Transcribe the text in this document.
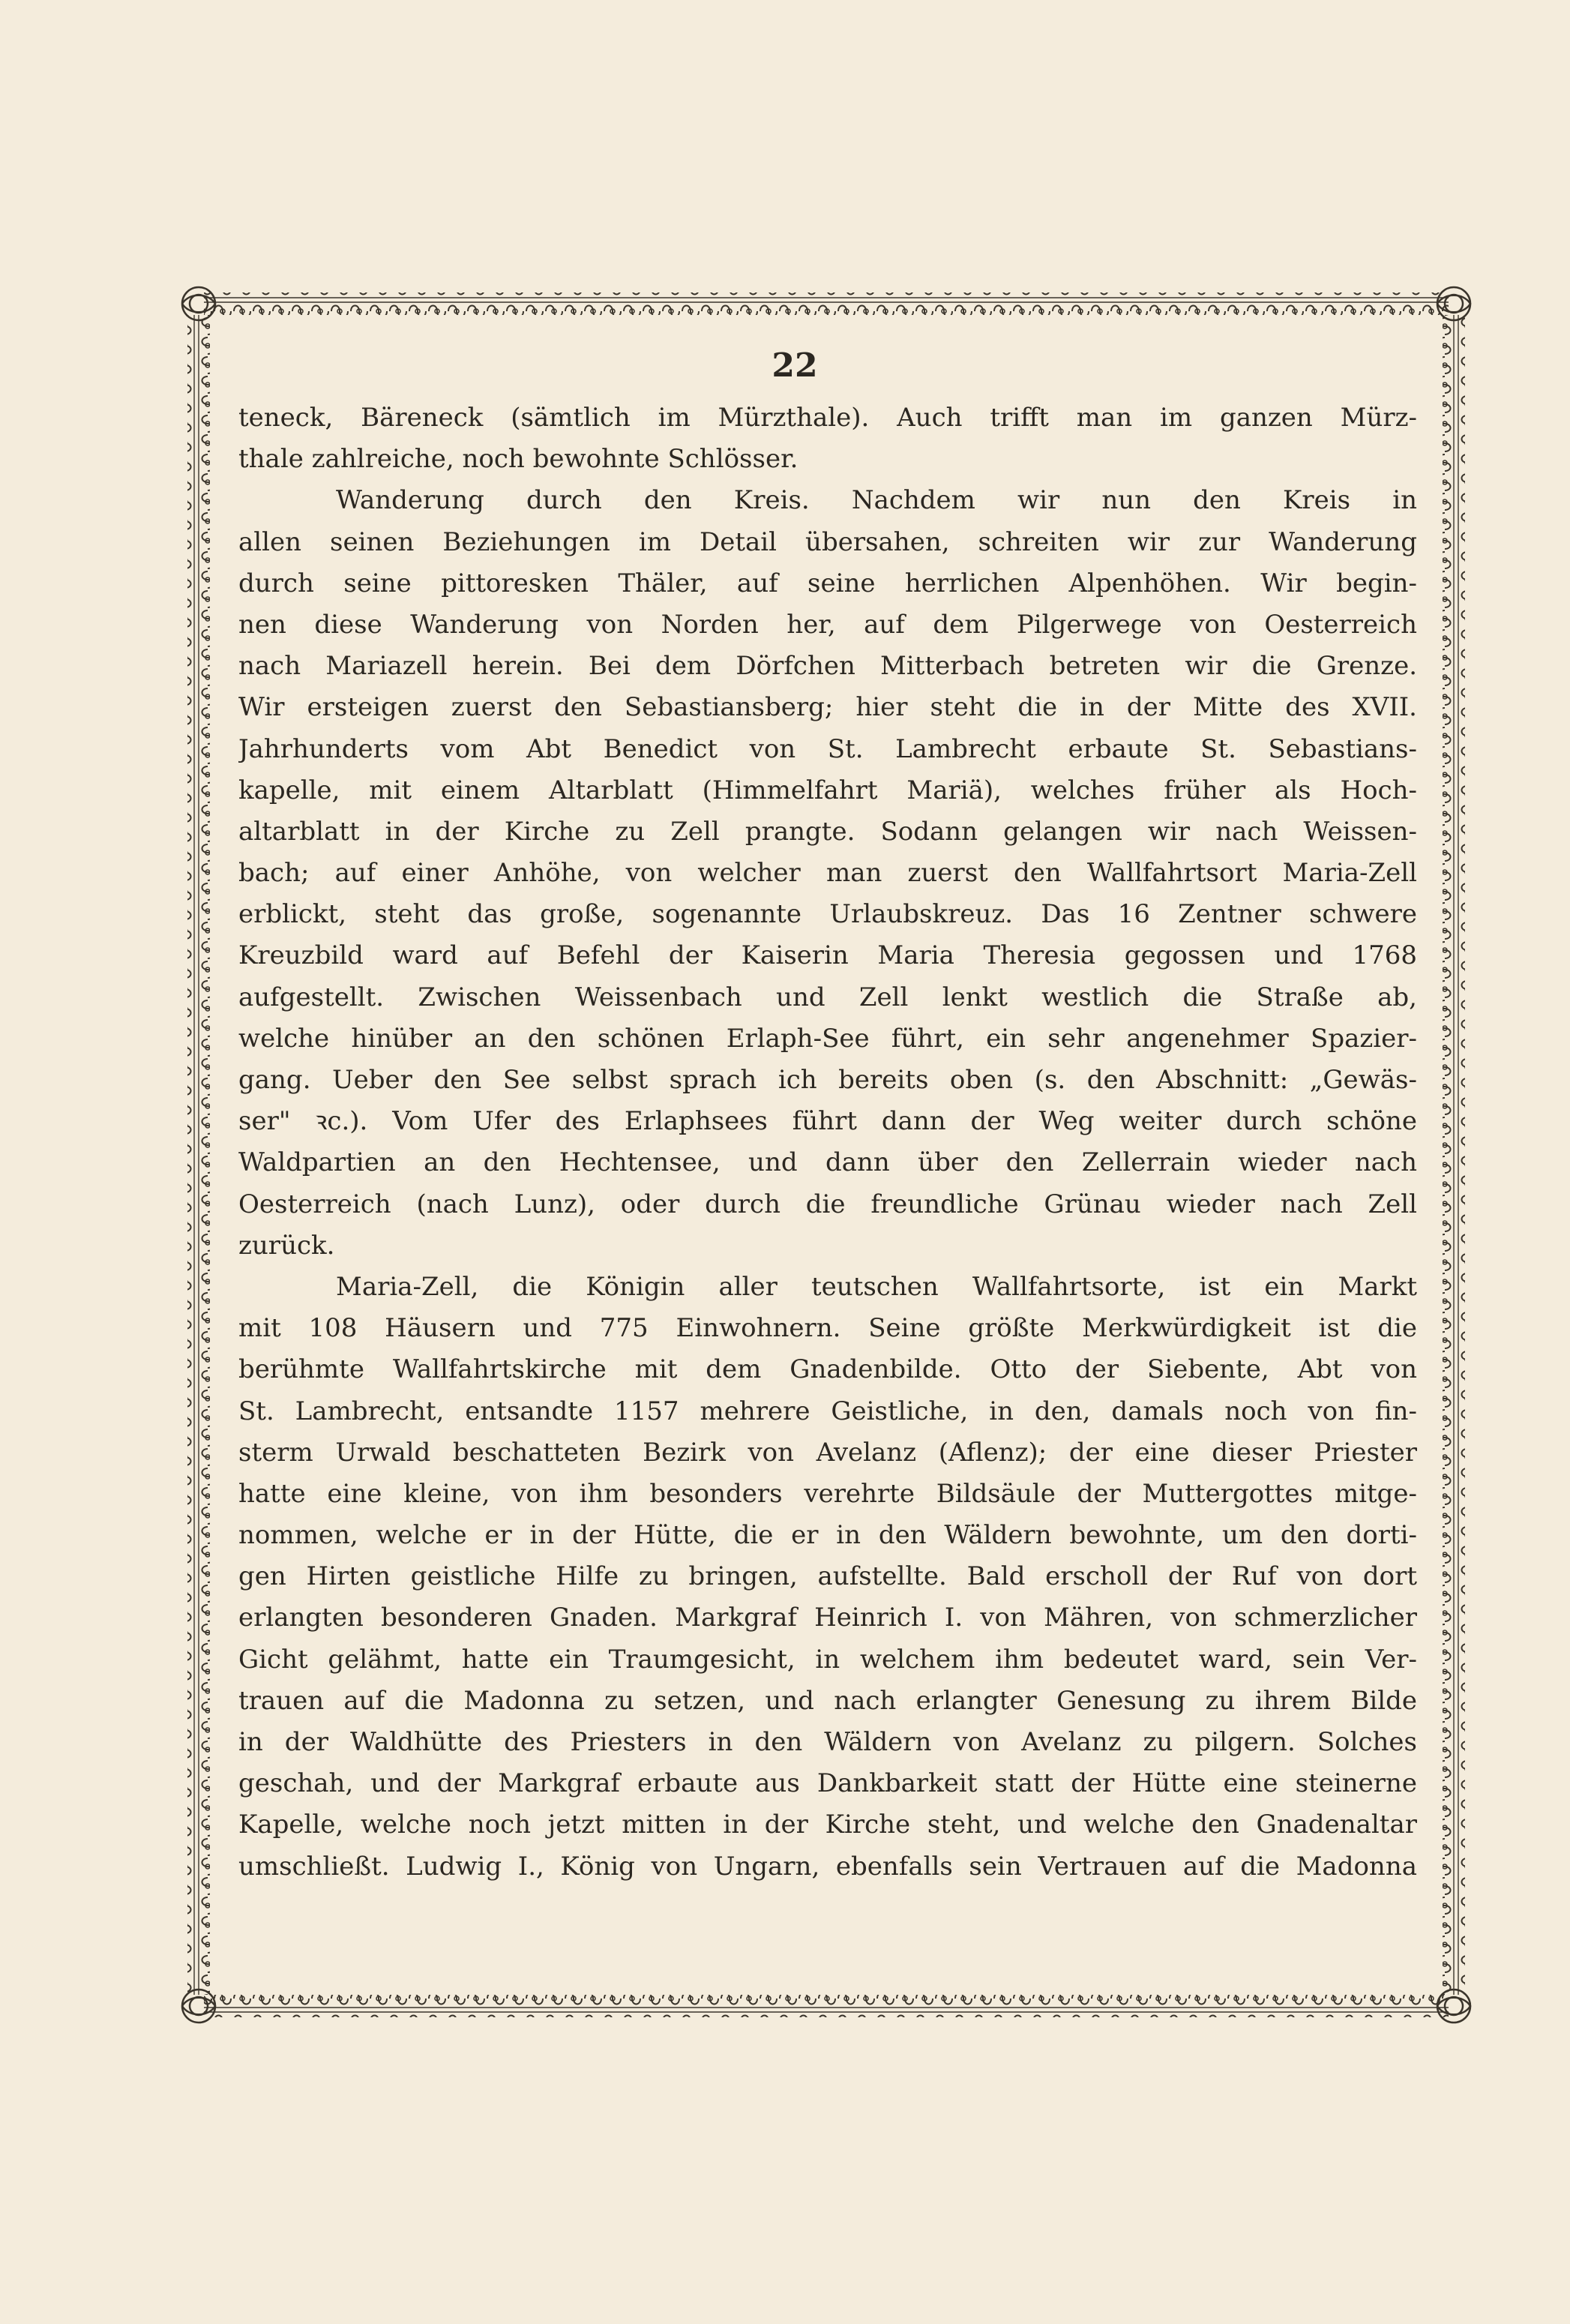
22
teneck, Bäreneck (sämtlich im Mürzthale). Auch trifft man im ganzen Mürz-
thale zahlreiche, noch bewohnte Schlösser.
Wanderung durch den Kreis. Nachdem wir nun den Kreis in
allen seinen Beziehungen im Detail übersahen, schreiten wir zur Wanderung
durch seine pittoresken Thäler, auf seine herrlichen Alpenhöhen. Wir begin-
nen diese Wanderung von Norden her, auf dem Pilgerwege von Oesterreich
nach Mariazell herein. Bei dem Dörfchen Mitterbach betreten wir die Grenze.
Wir ersteigen zuerst den Sebastiansberg; hier steht die in der Mitte des XVII.
Jahrhunderts vom Abt Benedict von St. Lambrecht erbaute St. Sebastians-
kapelle, mit einem Altarblatt (Himmelfahrt Mariä), welches früher als Hoch-
altarblatt in der Kirche zu Zell prangte. Sodann gelangen wir nach Weissen-
bach; auf einer Anhöhe, von welcher man zuerst den Wallfahrtsort Maria-Zell
erblickt, steht das große, sogenannte Urlaubskreuz. Das 16 Zentner schwere
Kreuzbild ward auf Befehl der Kaiserin Maria Theresia gegossen und 1768
aufgestellt. Zwischen Weissenbach und Zell lenkt westlich die Straße ab,
welche hinüber an den schönen Erlaph-See führt, ein sehr angenehmer Spazier-
gang. Ueber den See selbst sprach ich bereits oben (s. den Abschnitt: „Gewäs-
ser" ꝛc.). Vom Ufer des Erlaphsees führt dann der Weg weiter durch schöne
Waldpartien an den Hechtensee, und dann über den Zellerrain wieder nach
Oesterreich (nach Lunz), oder durch die freundliche Grünau wieder nach Zell
zurück.
Maria-Zell, die Königin aller teutschen Wallfahrtsorte, ist ein Markt
mit 108 Häusern und 775 Einwohnern. Seine größte Merkwürdigkeit ist die
berühmte Wallfahrtskirche mit dem Gnadenbilde. Otto der Siebente, Abt von
St. Lambrecht, entsandte 1157 mehrere Geistliche, in den, damals noch von fin-
sterm Urwald beschatteten Bezirk von Avelanz (Aflenz); der eine dieser Priester
hatte eine kleine, von ihm besonders verehrte Bildsäule der Muttergottes mitge-
nommen, welche er in der Hütte, die er in den Wäldern bewohnte, um den dorti-
gen Hirten geistliche Hilfe zu bringen, aufstellte. Bald erscholl der Ruf von dort
erlangten besonderen Gnaden. Markgraf Heinrich I. von Mähren, von schmerzlicher
Gicht gelähmt, hatte ein Traumgesicht, in welchem ihm bedeutet ward, sein Ver-
trauen auf die Madonna zu setzen, und nach erlangter Genesung zu ihrem Bilde
in der Waldhütte des Priesters in den Wäldern von Avelanz zu pilgern. Solches
geschah, und der Markgraf erbaute aus Dankbarkeit statt der Hütte eine steinerne
Kapelle, welche noch jetzt mitten in der Kirche steht, und welche den Gnadenaltar
umschließt. Ludwig I., König von Ungarn, ebenfalls sein Vertrauen auf die Madonna
